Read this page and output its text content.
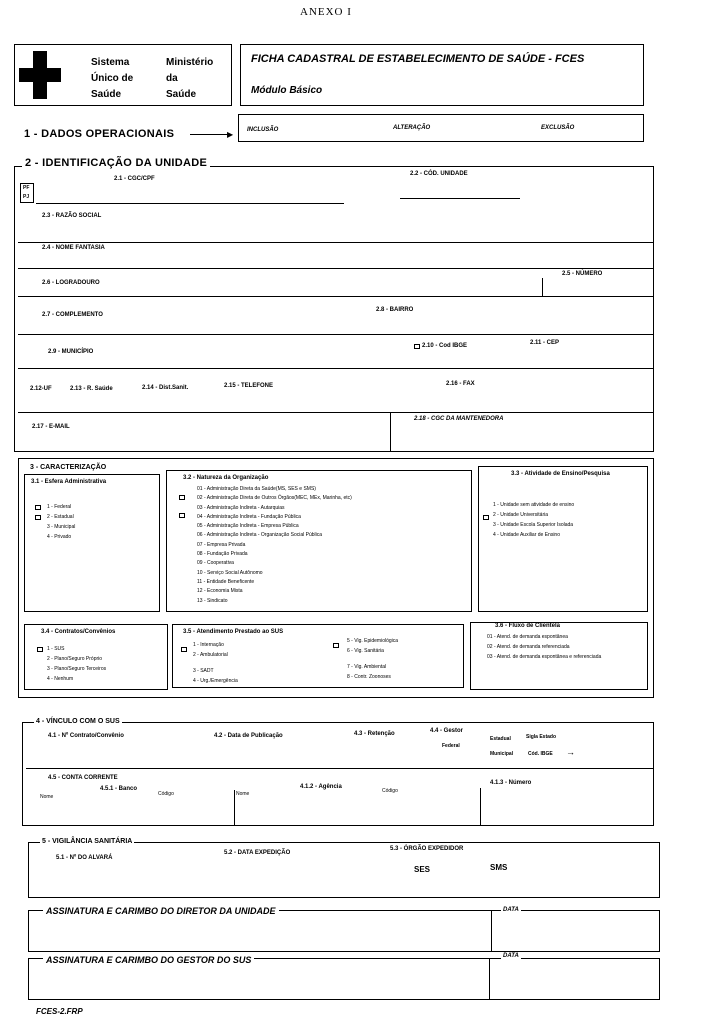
ANEXO I
Sistema
Único de
Saúde
Ministério
da
Saúde
FICHA CADASTRAL DE ESTABELECIMENTO DE SAÚDE - FCES
Módulo Básico
1 - DADOS OPERACIONAIS	▶ INCLUSÃO	ALTERAÇÃO	EXCLUSÃO
2 - IDENTIFICAÇÃO DA UNIDADE
PF
PJ
2.1 - CGC/CPF
2.2 - CÓD. UNIDADE
2.3 - RAZÃO SOCIAL
2.4 - NOME FANTASIA
2.5 - NÚMERO
2.6 - LOGRADOURO
2.8 - BAIRRO
2.7 - COMPLEMENTO
2.9 - MUNICÍPIO
2.10 - Cod IBGE	2.11 - CEP
2.12-UF	2.13 - R. Saúde	2.14 - Dist.Sanit.	2.15 - TELEFONE	2.16 - FAX
2.17 - E-MAIL
2.18 - CGC DA MANTENEDORA
3 - CARACTERIZAÇÃO
3.1 - Esfera Administrativa
1 - Federal
2 - Estadual
3 - Municipal
4 - Privado
3.2 - Natureza da Organização
01 - Administração Direta da Saúde(MS, SES e SMS)
02 - Administração Direta de Outros Órgãos(MEC, MEx, Marinha, etc)
03 - Administração Indireta - Autarquias
04 - Administração Indireta - Fundação Pública
05 - Administração Indireta - Empresa Pública
06 - Administração Indireta - Organização Social Pública
07 - Empresa Privada
08 - Fundação Privada
09 - Cooperativa
10 - Serviço Social Autônomo
11 - Entidade Beneficente
12 - Economia Mista
13 - Sindicato
3.3 - Atividade de Ensino/Pesquisa
1 - Unidade sem atividade de ensino
2 - Unidade Universitária
3 - Unidade Escola Superior Isolada
4 - Unidade Auxiliar de Ensino
3.4 - Contratos/Convênios
1 - SUS
2 - Plano/Seguro Próprio
3 - Plano/Seguro Terceiros
4 - Nenhum
3.5 - Atendimento Prestado ao SUS
1 - Internação
2 - Ambulatorial
3 - SADT
4 - Urg./Emergência
5 - Vig. Epidemiológica
6 - Vig. Sanitária
7 - Vig. Ambiental
8 - Contr. Zoonoses
3.6 - Fluxo de Clientela
01 - Atend. de demanda espontânea
02 - Atend. de demanda referenciada
03 - Atend. de demanda espontânea e referenciada
4 - VÍNCULO COM O SUS
4.1 - Nº Contrato/Convênio	4.2 - Data de Publicação	4.3 - Retenção	4.4 - Gestor
Estadual	Sigla Estado
Federal
Municipal	Cód. IBGE →
4.5 - CONTA CORRENTE
4.5.1 - Banco	4.1.2 - Agência
4.1.3 - Número
Nome	Código	Nome	Código
5 - VIGILÂNCIA SANITÁRIA
5.1 - Nº DO ALVARÁ
5.2 - DATA EXPEDIÇÃO
5.3 - ÓRGÃO EXPEDIDOR
SES	SMS
ASSINATURA E CARIMBO DO DIRETOR DA UNIDADE	DATA
ASSINATURA E CARIMBO DO GESTOR DO SUS	DATA
FCES-2.FRP
